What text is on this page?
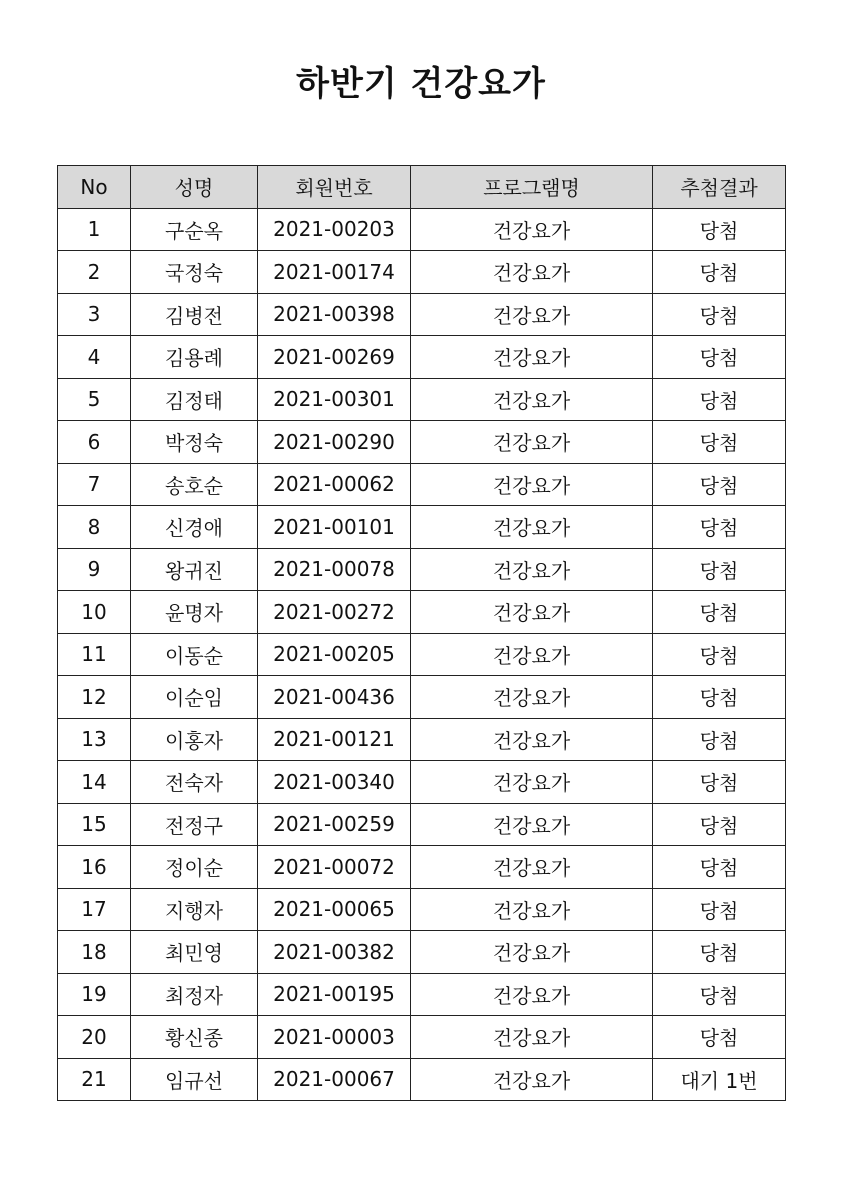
하반기 건강요가
No	성명	회원번호	프로그램명	추첨결과
1	구순옥	2021-00203	건강요가	당첨
2	국정숙	2021-00174	건강요가	당첨
3	김병전	2021-00398	건강요가	당첨
4	김용례	2021-00269	건강요가	당첨
5	김정태	2021-00301	건강요가	당첨
6	박정숙	2021-00290	건강요가	당첨
7	송호순	2021-00062	건강요가	당첨
8	신경애	2021-00101	건강요가	당첨
9	왕귀진	2021-00078	건강요가	당첨
10	윤명자	2021-00272	건강요가	당첨
11	이동순	2021-00205	건강요가	당첨
12	이순임	2021-00436	건강요가	당첨
13	이홍자	2021-00121	건강요가	당첨
14	전숙자	2021-00340	건강요가	당첨
15	전정구	2021-00259	건강요가	당첨
16	정이순	2021-00072	건강요가	당첨
17	지행자	2021-00065	건강요가	당첨
18	최민영	2021-00382	건강요가	당첨
19	최정자	2021-00195	건강요가	당첨
20	황신종	2021-00003	건강요가	당첨
21	임규선	2021-00067	건강요가	대기 1번
